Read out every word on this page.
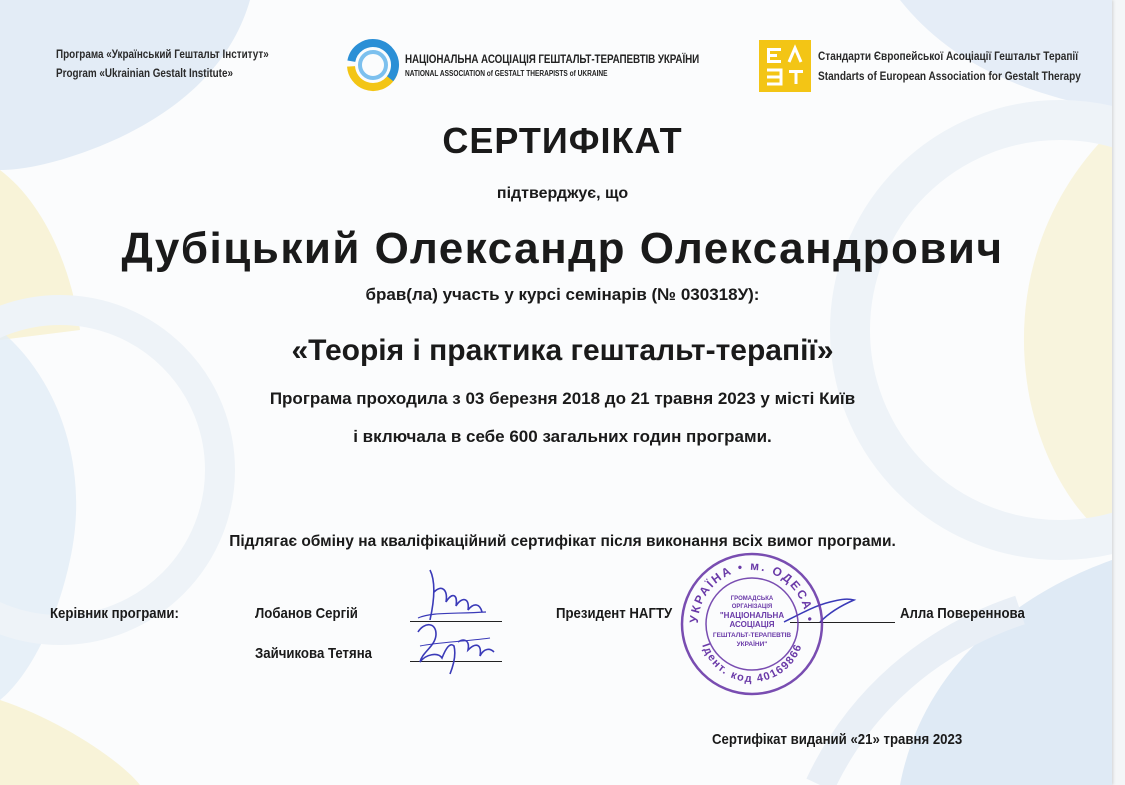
Програма «Український Гештальт Інститут»
Program «Ukrainian Gestalt Institute»
НАЦІОНАЛЬНА АСОЦІАЦІЯ ГЕШТАЛЬТ-ТЕРАПЕВТІВ УКРАЇНИ
NATIONAL ASSOCIATION of GESTALT THERAPISTS of UKRAINE
Стандарти Європейської Асоціації Гештальт Терапії
Standarts of European Association for Gestalt Therapy
СЕРТИФІКАТ
підтверджує, що
Дубіцький Олександр Олександрович
брав(ла) участь у курсі семінарів (№ 030318У):
«Теорія і практика гештальт-терапії»
Програма проходила з 03 березня 2018 до 21 травня 2023 у місті Київ
і включала в себе 600 загальних годин програми.
Підлягає обміну на кваліфікаційний сертифікат після виконання всіх вимог програми.
Керівник програми:	Лобанов Сергій
Зайчикова Тетяна
Президент НАГТУ	Алла Повереннова
УКРАЇНА • м. ОДЕСА •
Ідент. код 40169866
ГРОМАДСЬКА
ОРГАНІЗАЦІЯ
"НАЦІОНАЛЬНА
АСОЦІАЦІЯ
ГЕШТАЛЬТ-ТЕРАПЕВТІВ
УКРАЇНИ"
Сертифікат виданий «21» травня 2023
